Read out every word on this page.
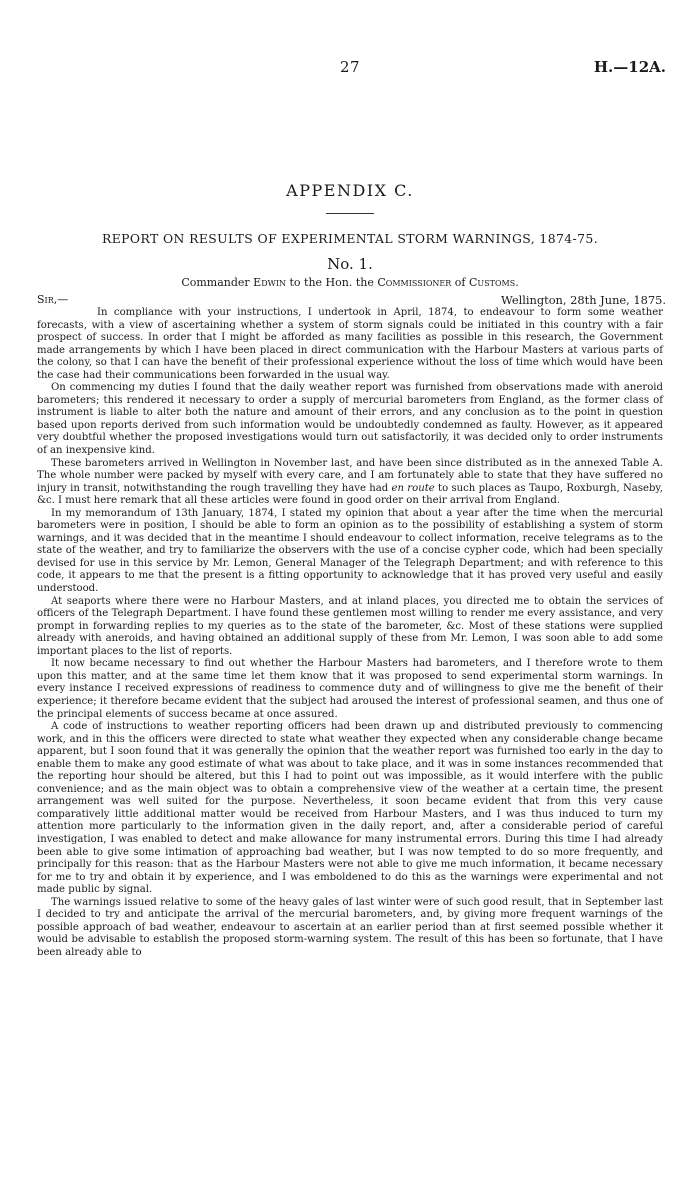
27	H.—12A.
APPENDIX C.
REPORT ON RESULTS OF EXPERIMENTAL STORM WARNINGS, 1874-75.
No. 1.
Commander Edwin to the Hon. the Commissioner of Customs.
Sir,—	Wellington, 28th June, 1875.

In compliance with your instructions, I undertook in April, 1874, to endeavour to form some weather forecasts, with a view of ascertaining whether a system of storm signals could be initiated in this country with a fair prospect of success. In order that I might be afforded as many facilities as possible in this research, the Government made arrangements by which I have been placed in direct communication with the Harbour Masters at various parts of the colony, so that I can have the benefit of their professional experience without the loss of time which would have been the case had their communications been forwarded in the usual way.

On commencing my duties I found that the daily weather report was furnished from observations made with aneroid barometers; this rendered it necessary to order a supply of mercurial barometers from England, as the former class of instrument is liable to alter both the nature and amount of their errors, and any conclusion as to the point in question based upon reports derived from such information would be undoubtedly condemned as faulty. However, as it appeared very doubtful whether the proposed investigations would turn out satisfactorily, it was decided only to order instruments of an inexpensive kind.

These barometers arrived in Wellington in November last, and have been since distributed as in the annexed Table A. The whole number were packed by myself with every care, and I am fortunately able to state that they have suffered no injury in transit, notwithstanding the rough travelling they have had en route to such places as Taupo, Roxburgh, Naseby, &c. I must here remark that all these articles were found in good order on their arrival from England.

In my memorandum of 13th January, 1874, I stated my opinion that about a year after the time when the mercurial barometers were in position, I should be able to form an opinion as to the possibility of establishing a system of storm warnings, and it was decided that in the meantime I should endeavour to collect information, receive telegrams as to the state of the weather, and try to familiarize the observers with the use of a concise cypher code, which had been specially devised for use in this service by Mr. Lemon, General Manager of the Telegraph Department; and with reference to this code, it appears to me that the present is a fitting opportunity to acknowledge that it has proved very useful and easily understood.

At seaports where there were no Harbour Masters, and at inland places, you directed me to obtain the services of officers of the Telegraph Department. I have found these gentlemen most willing to render me every assistance, and very prompt in forwarding replies to my queries as to the state of the barometer, &c. Most of these stations were supplied already with aneroids, and having obtained an additional supply of these from Mr. Lemon, I was soon able to add some important places to the list of reports.

It now became necessary to find out whether the Harbour Masters had barometers, and I therefore wrote to them upon this matter, and at the same time let them know that it was proposed to send experimental storm warnings. In every instance I received expressions of readiness to commence duty and of willingness to give me the benefit of their experience; it therefore became evident that the subject had aroused the interest of professional seamen, and thus one of the principal elements of success became at once assured.

A code of instructions to weather reporting officers had been drawn up and distributed previously to commencing work, and in this the officers were directed to state what weather they expected when any considerable change became apparent, but I soon found that it was generally the opinion that the weather report was furnished too early in the day to enable them to make any good estimate of what was about to take place, and it was in some instances recommended that the reporting hour should be altered, but this I had to point out was impossible, as it would interfere with the public convenience; and as the main object was to obtain a comprehensive view of the weather at a certain time, the present arrangement was well suited for the purpose. Nevertheless, it soon became evident that from this very cause comparatively little additional matter would be received from Harbour Masters, and I was thus induced to turn my attention more particularly to the information given in the daily report, and, after a considerable period of careful investigation, I was enabled to detect and make allowance for many instrumental errors. During this time I had already been able to give some intimation of approaching bad weather, but I was now tempted to do so more frequently, and principally for this reason: that as the Harbour Masters were not able to give me much information, it became necessary for me to try and obtain it by experience, and I was emboldened to do this as the warnings were experimental and not made public by signal.

The warnings issued relative to some of the heavy gales of last winter were of such good result, that in September last I decided to try and anticipate the arrival of the mercurial barometers, and, by giving more frequent warnings of the possible approach of bad weather, endeavour to ascertain at an earlier period than at first seemed possible whether it would be advisable to establish the proposed storm-warning system. The result of this has been so fortunate, that I have been already able to
